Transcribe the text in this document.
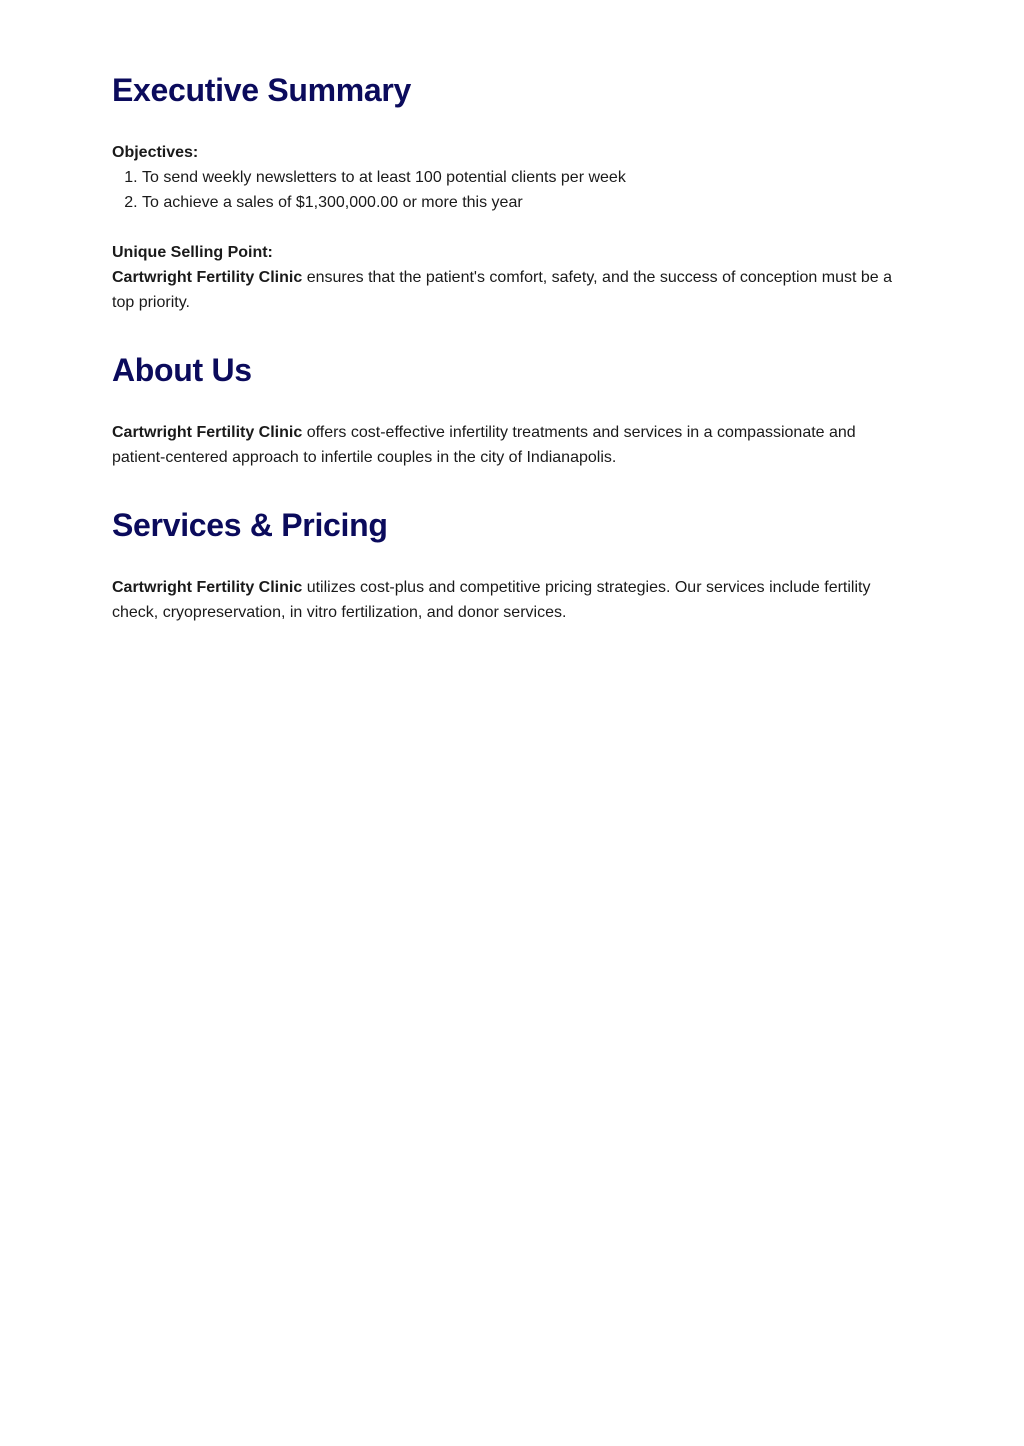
Executive Summary

Objectives:

1. To send weekly newsletters to at least 100 potential clients per week
2. To achieve a sales of $1,300,000.00 or more this year

Unique Selling Point:

Cartwright Fertility Clinic ensures that the patient's comfort, safety, and the success of conception must be a top priority.

About Us

Cartwright Fertility Clinic offers cost-effective infertility treatments and services in a compassionate and patient-centered approach to infertile couples in the city of Indianapolis.

Services & Pricing

Cartwright Fertility Clinic utilizes cost-plus and competitive pricing strategies. Our services include fertility check, cryopreservation, in vitro fertilization, and donor services.
